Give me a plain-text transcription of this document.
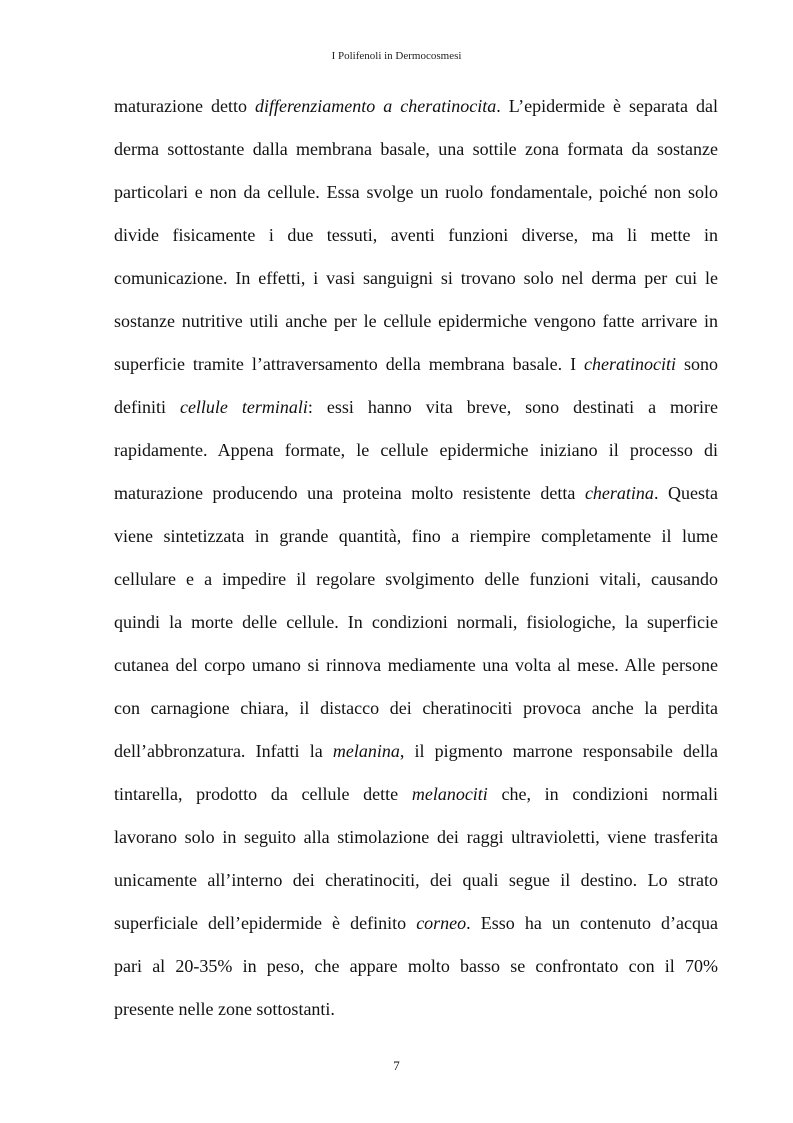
I Polifenoli in Dermocosmesi
maturazione detto differenziamento a cheratinocita. L’epidermide è separata dal
derma sottostante dalla membrana basale, una sottile zona formata da sostanze
particolari e non da cellule. Essa svolge un ruolo fondamentale, poiché non solo
divide fisicamente i due tessuti, aventi funzioni diverse, ma li mette in
comunicazione. In effetti, i vasi sanguigni si trovano solo nel derma per cui le
sostanze nutritive utili anche per le cellule epidermiche vengono fatte arrivare in
superficie tramite l’attraversamento della membrana basale. I cheratinociti sono
definiti cellule terminali: essi hanno vita breve, sono destinati a morire
rapidamente. Appena formate, le cellule epidermiche iniziano il processo di
maturazione producendo una proteina molto resistente detta cheratina. Questa
viene sintetizzata in grande quantità, fino a riempire completamente il lume
cellulare e a impedire il regolare svolgimento delle funzioni vitali, causando
quindi la morte delle cellule. In condizioni normali, fisiologiche, la superficie
cutanea del corpo umano si rinnova mediamente una volta al mese. Alle persone
con carnagione chiara, il distacco dei cheratinociti provoca anche la perdita
dell’abbronzatura. Infatti la melanina, il pigmento marrone responsabile della
tintarella, prodotto da cellule dette melanociti che, in condizioni normali
lavorano solo in seguito alla stimolazione dei raggi ultravioletti, viene trasferita
unicamente all’interno dei cheratinociti, dei quali segue il destino. Lo strato
superficiale dell’epidermide è definito corneo. Esso ha un contenuto d’acqua
pari al 20-35% in peso, che appare molto basso se confrontato con il 70%
presente nelle zone sottostanti.
7
